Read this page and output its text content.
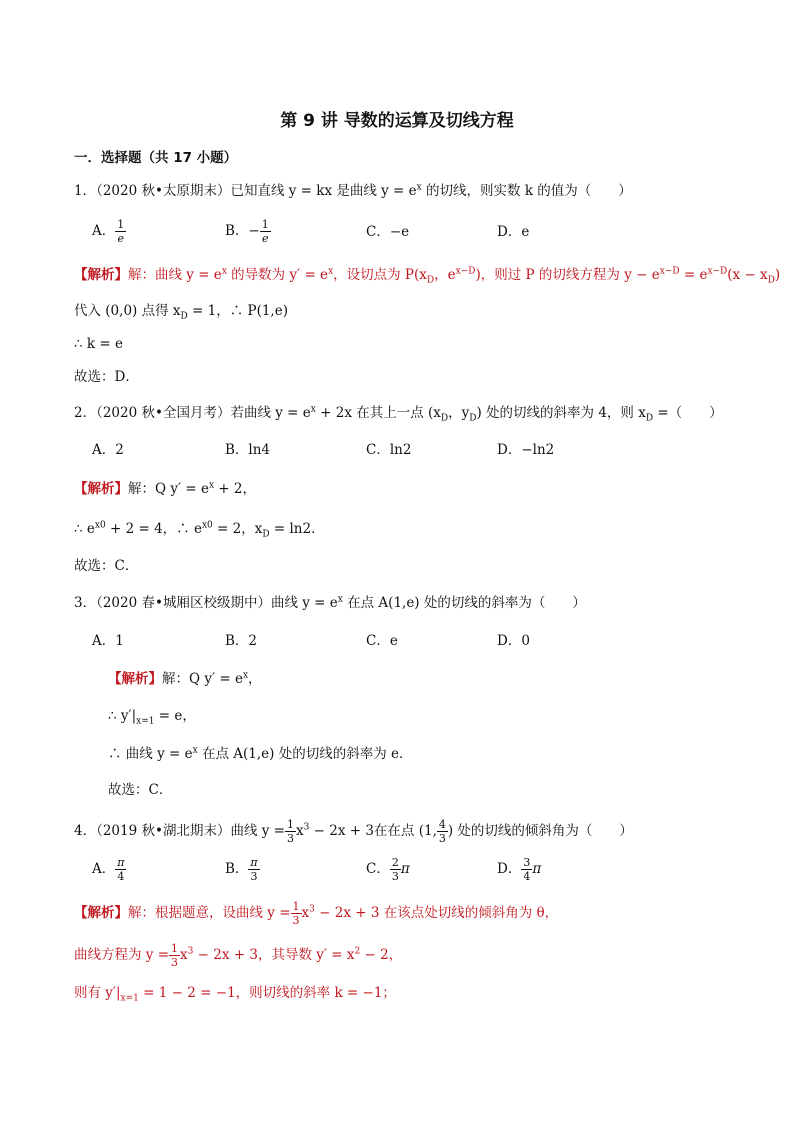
第 9 讲 导数的运算及切线方程
一．选择题（共 17 小题）
1．（2020 秋•太原期末）已知直线 y = kx 是曲线 $y = e^x$ 的切线，则实数 k 的值为（　　）
A． $\frac{1}{e}$	B．− $\frac{1}{e}$	C．−e	D．e
【解析】解：曲线 $y = e^x$ 的导数为 $y' = e^x$，设切点为 $P(x_D$，$e^{x-D}$)，则过 P 的切线方程为 $y - e^{x-D} = e^{x-D}(x - x_D)$
代入 (0,0) 点得 $x_D = 1$，∴ P(1,e)
∴ k = e
故选：D．
2．（2020 秋•全国月考）若曲线 $y = e^x + 2x$ 在其上一点 ($x_D$，$y_D$) 处的切线的斜率为 4，则 $x_D$ =（　　）
A．2	B．ln4	C．ln2	D．−ln2
【解析】解：Q $y' = e^x + 2$，
∴ $e^{x0} + 2 = 4$，∴ $e^{x0} = 2$，$x_D = \ln 2$．
故选：C．
3．（2020 春•城厢区校级期中）曲线 $y = e^x$ 在点 A(1,e) 处的切线的斜率为（　　）
A．1	B．2	C．e	D．0
【解析】解：Q $y' = e^x$，
∴ $y'|_{x=1} = e$，
∴ 曲线 $y = e^x$ 在点 A(1,e) 处的切线的斜率为 e．
故选：C．
4．（2019 秋•湖北期末）曲线 $y = \frac{1}{3} x^3 - 2x + 3$在在点 (1, $\frac{4}{3}$ ) 处的切线的倾斜角为（　　）
A． $\frac{\pi}{4}$	B． $\frac{\pi}{3}$	C． $\frac{2}{3}$ π	D． $\frac{3}{4}$ π
【解析】解：根据题意，设曲线 $y = \frac{1}{3} x^3 - 2x + 3$ 在该点处切线的倾斜角为 θ，
曲线方程为 $y = \frac{1}{3} x^3 - 2x + 3$，其导数 $y' = x^2 - 2$，
则有 $y'|_{x=1} = 1 - 2 = -1$，则切线的斜率 k = −1；
